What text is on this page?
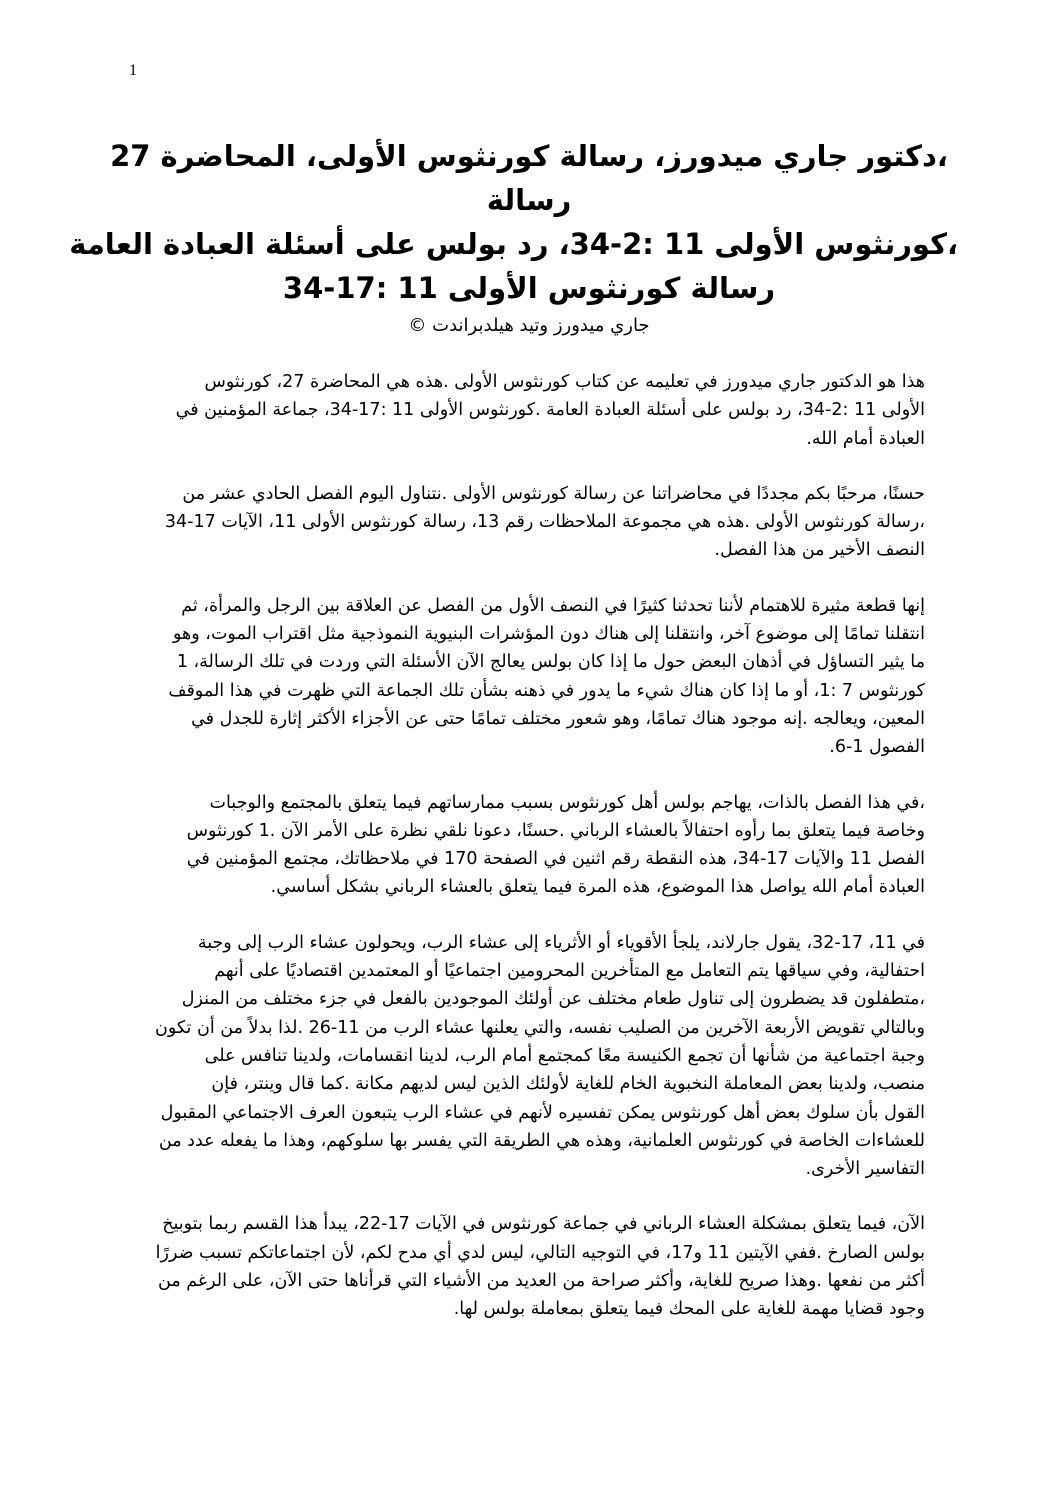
1
،دكتور جاري ميدورز، رسالة كورنثوس الأولى، المحاضرة 27
رسالة
،كورنثوس الأولى 11 :2-34، رد بولس على أسئلة العبادة العامة
رسالة كورنثوس الأولى 11 :17-34
جاري ميدورز وتيد هيلدبراندت ©
هذا هو الدكتور جاري ميدورز في تعليمه عن كتاب كورنثوس الأولى .هذه هي المحاضرة 27، كورنثوس
الأولى 11 :2-34، رد بولس على أسئلة العبادة العامة .كورنثوس الأولى 11 :17-34، جماعة المؤمنين في
العبادة أمام الله.
حسنًا، مرحبًا بكم مجددًا في محاضراتنا عن رسالة كورنثوس الأولى .نتناول اليوم الفصل الحادي عشر من
،رسالة كورنثوس الأولى .هذه هي مجموعة الملاحظات رقم 13، رسالة كورنثوس الأولى 11، الآيات 17-34
النصف الأخير من هذا الفصل.
إنها قطعة مثيرة للاهتمام لأننا تحدثنا كثيرًا في النصف الأول من الفصل عن العلاقة بين الرجل والمرأة، ثم
انتقلنا تمامًا إلى موضوع آخر، وانتقلنا إلى هناك دون المؤشرات البنيوية النموذجية مثل اقتراب الموت، وهو
ما يثير التساؤل في أذهان البعض حول ما إذا كان بولس يعالج الآن الأسئلة التي وردت في تلك الرسالة، 1
كورنثوس 7 :1، أو ما إذا كان هناك شيء ما يدور في ذهنه بشأن تلك الجماعة التي ظهرت في هذا الموقف
المعين، ويعالجه .إنه موجود هناك تمامًا، وهو شعور مختلف تمامًا حتى عن الأجزاء الأكثر إثارة للجدل في
الفصول 1-6.
،في هذا الفصل بالذات، يهاجم بولس أهل كورنثوس بسبب ممارساتهم فيما يتعلق بالمجتمع والوجبات
وخاصة فيما يتعلق بما رأوه احتفالاً بالعشاء الرباني .حسنًا، دعونا نلقي نظرة على الأمر الآن .1 كورنثوس
الفصل 11 والآيات 17-34، هذه النقطة رقم اثنين في الصفحة 170 في ملاحظاتك، مجتمع المؤمنين في
العبادة أمام الله يواصل هذا الموضوع، هذه المرة فيما يتعلق بالعشاء الرباني بشكل أساسي.
في 11، 17-32، يقول جارلاند، يلجأ الأقوياء أو الأثرياء إلى عشاء الرب، ويحولون عشاء الرب إلى وجبة
احتفالية، وفي سياقها يتم التعامل مع المتأخرين المحرومين اجتماعيًا أو المعتمدين اقتصاديًا على أنهم
،متطفلون قد يضطرون إلى تناول طعام مختلف عن أولئك الموجودين بالفعل في جزء مختلف من المنزل
وبالتالي تقويض الأربعة الآخرين من الصليب نفسه، والتي يعلنها عشاء الرب من 11-26 .لذا بدلاً من أن تكون
وجبة اجتماعية من شأنها أن تجمع الكنيسة معًا كمجتمع أمام الرب، لدينا انقسامات، ولدينا تنافس على
منصب، ولدينا بعض المعاملة النخبوية الخام للغاية لأولئك الذين ليس لديهم مكانة .كما قال وينتر، فإن
القول بأن سلوك بعض أهل كورنثوس يمكن تفسيره لأنهم في عشاء الرب يتبعون العرف الاجتماعي المقبول
للعشاءات الخاصة في كورنثوس العلمانية، وهذه هي الطريقة التي يفسر بها سلوكهم، وهذا ما يفعله عدد من
التفاسير الأخرى.
الآن، فيما يتعلق بمشكلة العشاء الرباني في جماعة كورنثوس في الآيات 17-22، يبدأ هذا القسم ربما بتوبيخ
بولس الصارخ .ففي الآيتين 11 و17، في التوجيه التالي، ليس لدي أي مدح لكم، لأن اجتماعاتكم تسبب ضررًا
أكثر من نفعها .وهذا صريح للغاية، وأكثر صراحة من العديد من الأشياء التي قرأناها حتى الآن، على الرغم من
وجود قضايا مهمة للغاية على المحك فيما يتعلق بمعاملة بولس لها.
